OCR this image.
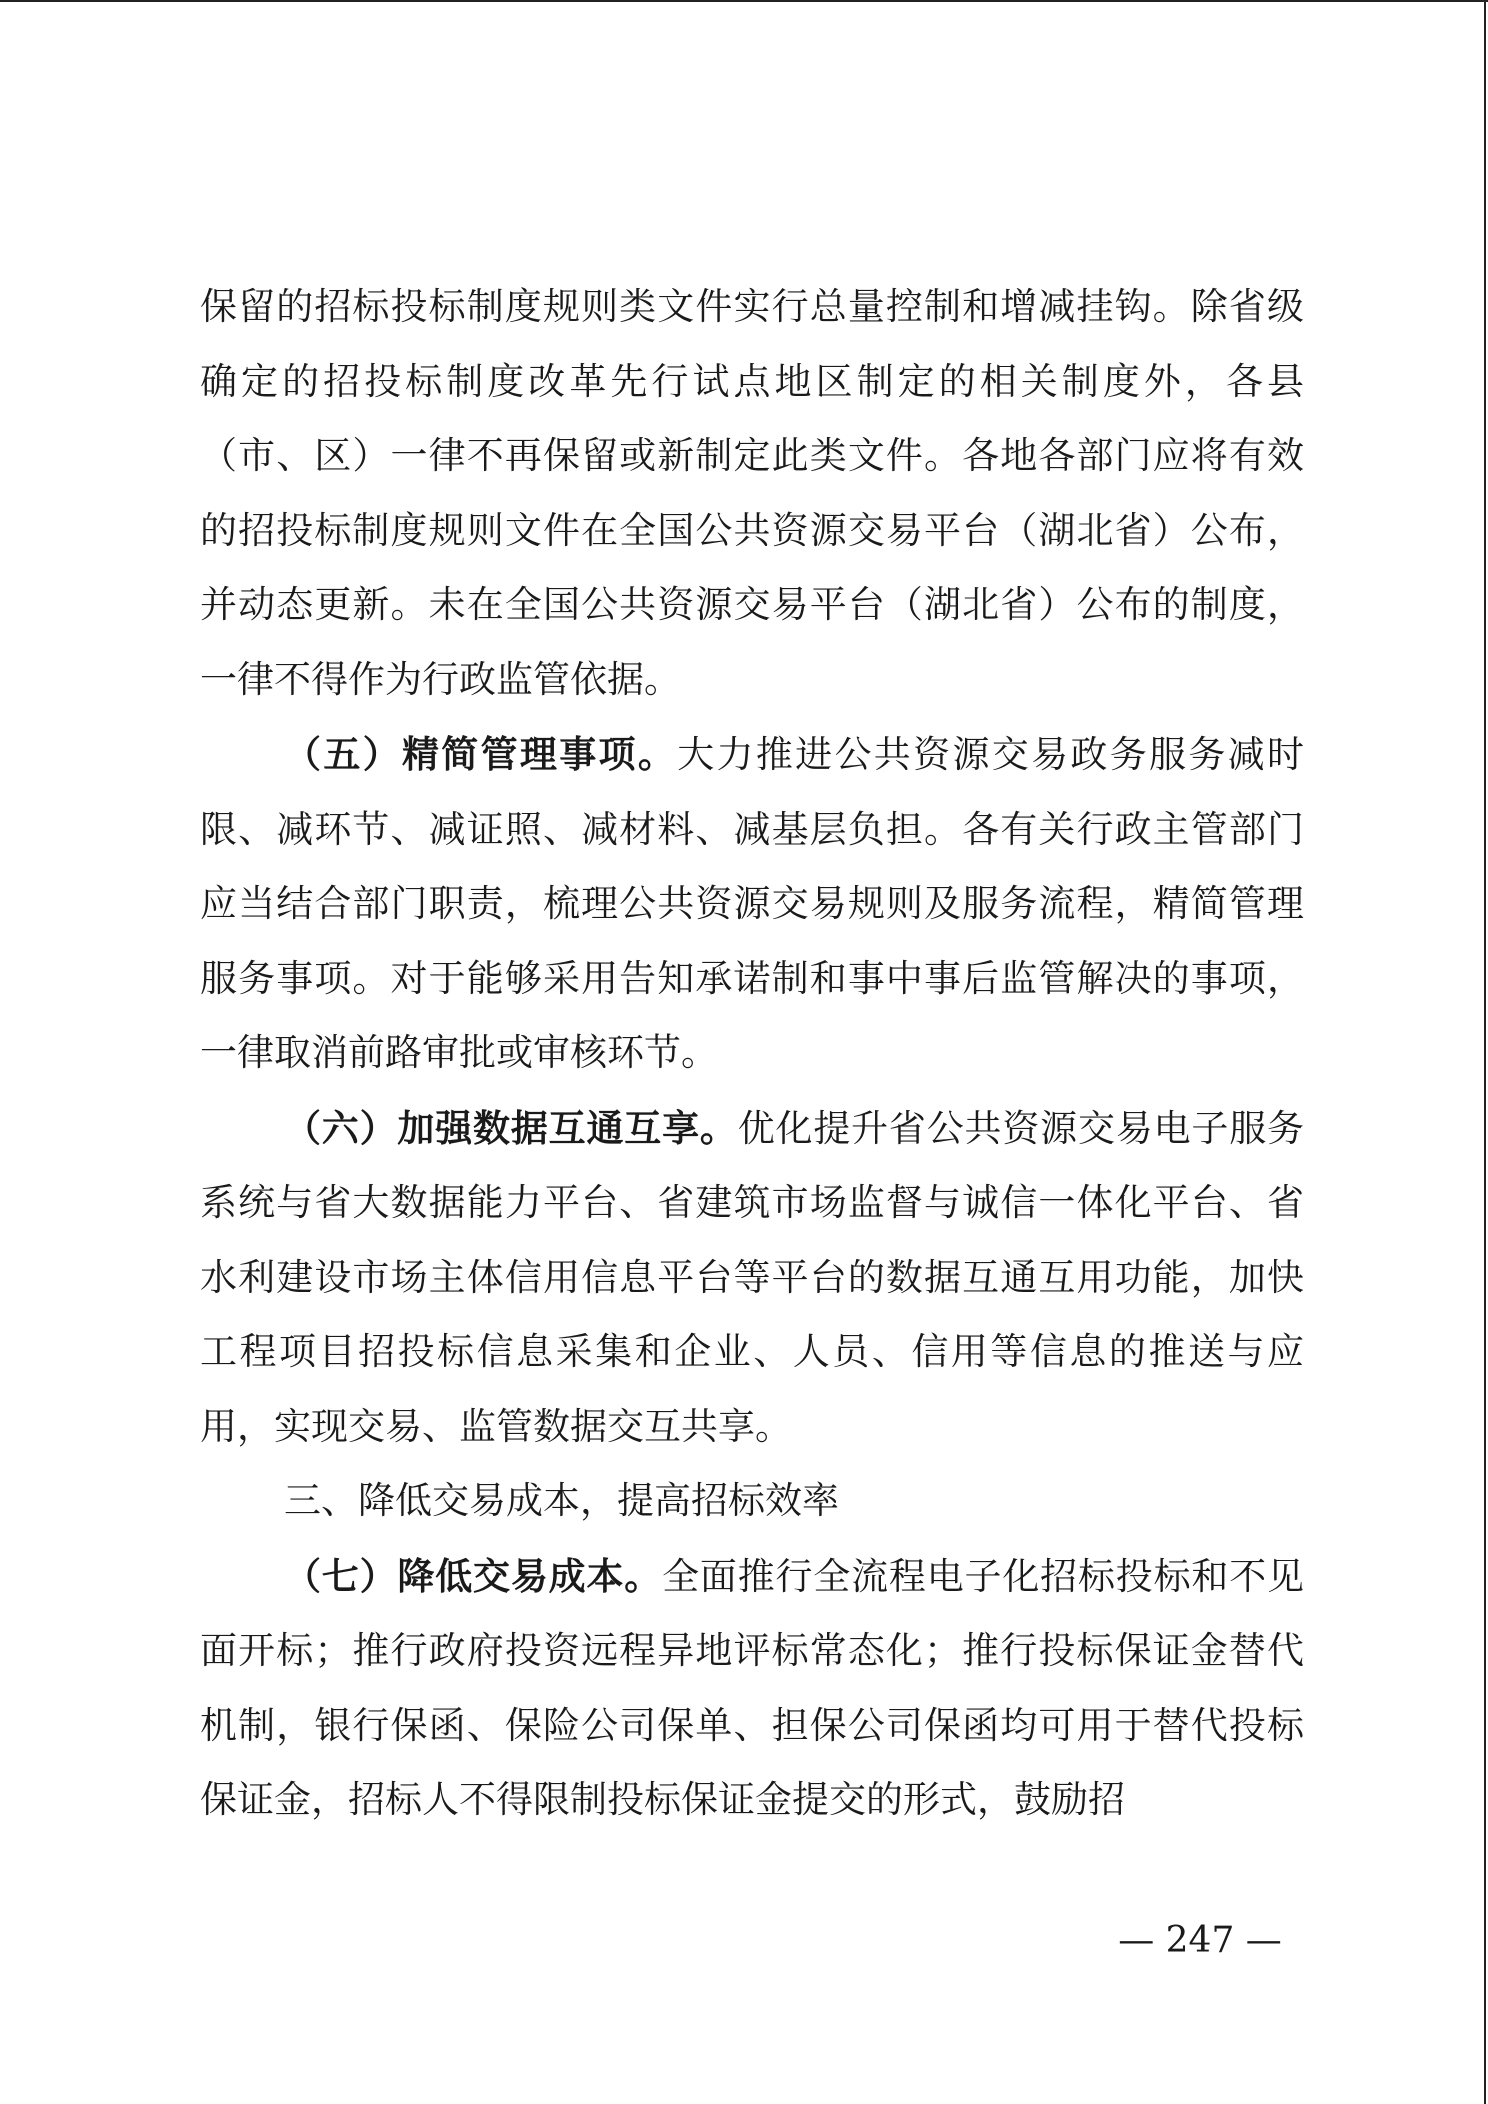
保留的招标投标制度规则类文件实行总量控制和增减挂钩。除省级确定的招投标制度改革先行试点地区制定的相关制度外，各县（市、区）一律不再保留或新制定此类文件。各地各部门应将有效的招投标制度规则文件在全国公共资源交易平台（湖北省）公布，并动态更新。未在全国公共资源交易平台（湖北省）公布的制度，一律不得作为行政监管依据。

（五）精简管理事项。大力推进公共资源交易政务服务减时限、减环节、减证照、减材料、减基层负担。各有关行政主管部门应当结合部门职责，梳理公共资源交易规则及服务流程，精简管理服务事项。对于能够采用告知承诺制和事中事后监管解决的事项，一律取消前路审批或审核环节。

（六）加强数据互通互享。优化提升省公共资源交易电子服务系统与省大数据能力平台、省建筑市场监督与诚信一体化平台、省水利建设市场主体信用信息平台等平台的数据互通互用功能，加快工程项目招投标信息采集和企业、人员、信用等信息的推送与应用，实现交易、监管数据交互共享。

三、降低交易成本，提高招标效率

（七）降低交易成本。全面推行全流程电子化招标投标和不见面开标；推行政府投资远程异地评标常态化；推行投标保证金替代机制，银行保函、保险公司保单、担保公司保函均可用于替代投标保证金，招标人不得限制投标保证金提交的形式，鼓励招

— 247 —
